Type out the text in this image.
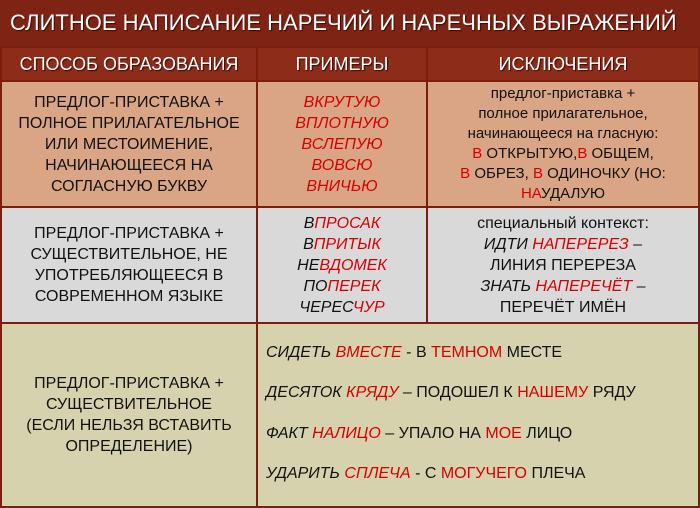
СЛИТНОЕ НАПИСАНИЕ НАРЕЧИЙ И НАРЕЧНЫХ ВЫРАЖЕНИЙ
СПОСОБ ОБРАЗОВАНИЯ	ПРИМЕРЫ	ИСКЛЮЧЕНИЯ
ПРЕДЛОГ-ПРИСТАВКА +
ПОЛНОЕ ПРИЛАГАТЕЛЬНОЕ
ИЛИ МЕСТОИМЕНИЕ,
НАЧИНАЮЩЕЕСЯ НА
СОГЛАСНУЮ БУКВУ
ВКРУТУЮ
ВПЛОТНУЮ
ВСЛЕПУЮ
ВОВСЮ
ВНИЧЬЮ
предлог-приставка +
полное прилагательное,
начинающееся на гласную:
В ОТКРЫТУЮ,В ОБЩЕМ,
В ОБРЕЗ, В ОДИНОЧКУ (НО:
НАУДАЛУЮ
ПРЕДЛОГ-ПРИСТАВКА +
СУЩЕСТВИТЕЛЬНОЕ, НЕ
УПОТРЕБЛЯЮЩЕЕСЯ В
СОВРЕМЕННОМ ЯЗЫКЕ
ВПРОСАК
ВПРИТЫК
НЕВДОМЕК
ПОПЕРЕК
ЧЕРЕСЧУР
специальный контекст:
ИДТИ НАПЕРЕРЕЗ –
ЛИНИЯ ПЕРЕРЕЗА
ЗНАТЬ НАПЕРЕЧЁТ –
ПЕРЕЧЁТ ИМЁН
ПРЕДЛОГ-ПРИСТАВКА +
СУЩЕСТВИТЕЛЬНОЕ
(ЕСЛИ НЕЛЬЗЯ ВСТАВИТЬ
ОПРЕДЕЛЕНИЕ)
СИДЕТЬ ВМЕСТЕ - В ТЕМНОМ МЕСТЕ
ДЕСЯТОК КРЯДУ – ПОДОШЕЛ К НАШЕМУ РЯДУ
ФАКТ НАЛИЦО – УПАЛО НА МОЕ ЛИЦО
УДАРИТЬ СПЛЕЧА - С МОГУЧЕГО ПЛЕЧА
